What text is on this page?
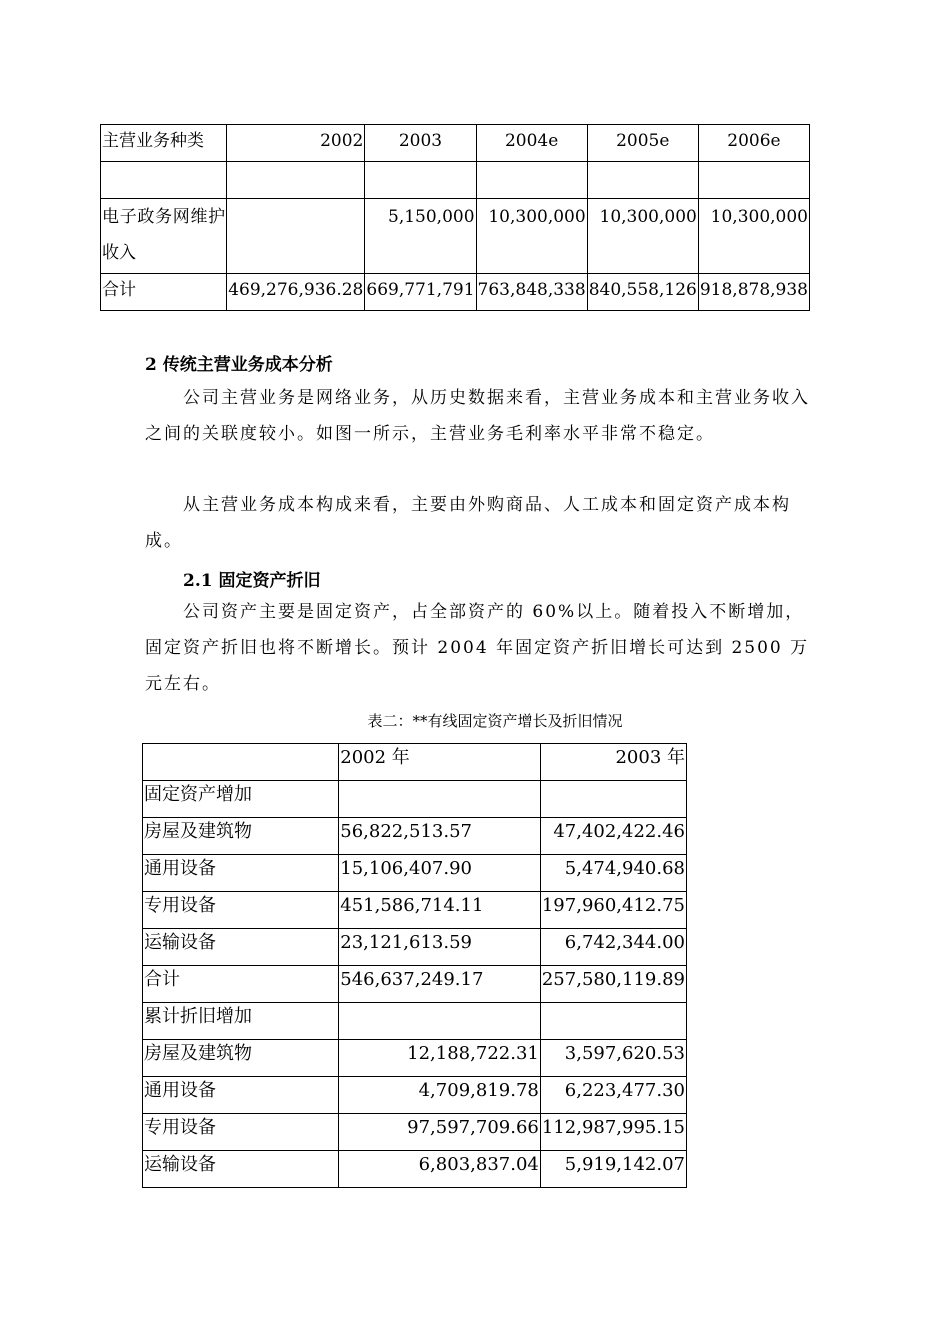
主营业务种类	2002	2003	2004e	2005e	2006e

电子政务网维护收入		5,150,000	10,300,000	10,300,000	10,300,000
合计	469,276,936.28	669,771,791	763,848,338	840,558,126	918,878,938
2 传统主营业务成本分析
公司主营业务是网络业务，从历史数据来看，主营业务成本和主营业务收入之间的关联度较小。如图一所示，主营业务毛利率水平非常不稳定。
从主营业务成本构成来看，主要由外购商品、人工成本和固定资产成本构成。
2.1 固定资产折旧
公司资产主要是固定资产，占全部资产的 60%以上。随着投入不断增加，固定资产折旧也将不断增长。预计 2004 年固定资产折旧增长可达到 2500 万元左右。
表二：**有线固定资产增长及折旧情况
	2002 年	2003 年
固定资产增加		
房屋及建筑物	56,822,513.57	47,402,422.46
通用设备	15,106,407.90	5,474,940.68
专用设备	451,586,714.11	197,960,412.75
运输设备	23,121,613.59	6,742,344.00
合计	546,637,249.17	257,580,119.89
累计折旧增加		
房屋及建筑物	12,188,722.31	3,597,620.53
通用设备	4,709,819.78	6,223,477.30
专用设备	97,597,709.66	112,987,995.15
运输设备	6,803,837.04	5,919,142.07
